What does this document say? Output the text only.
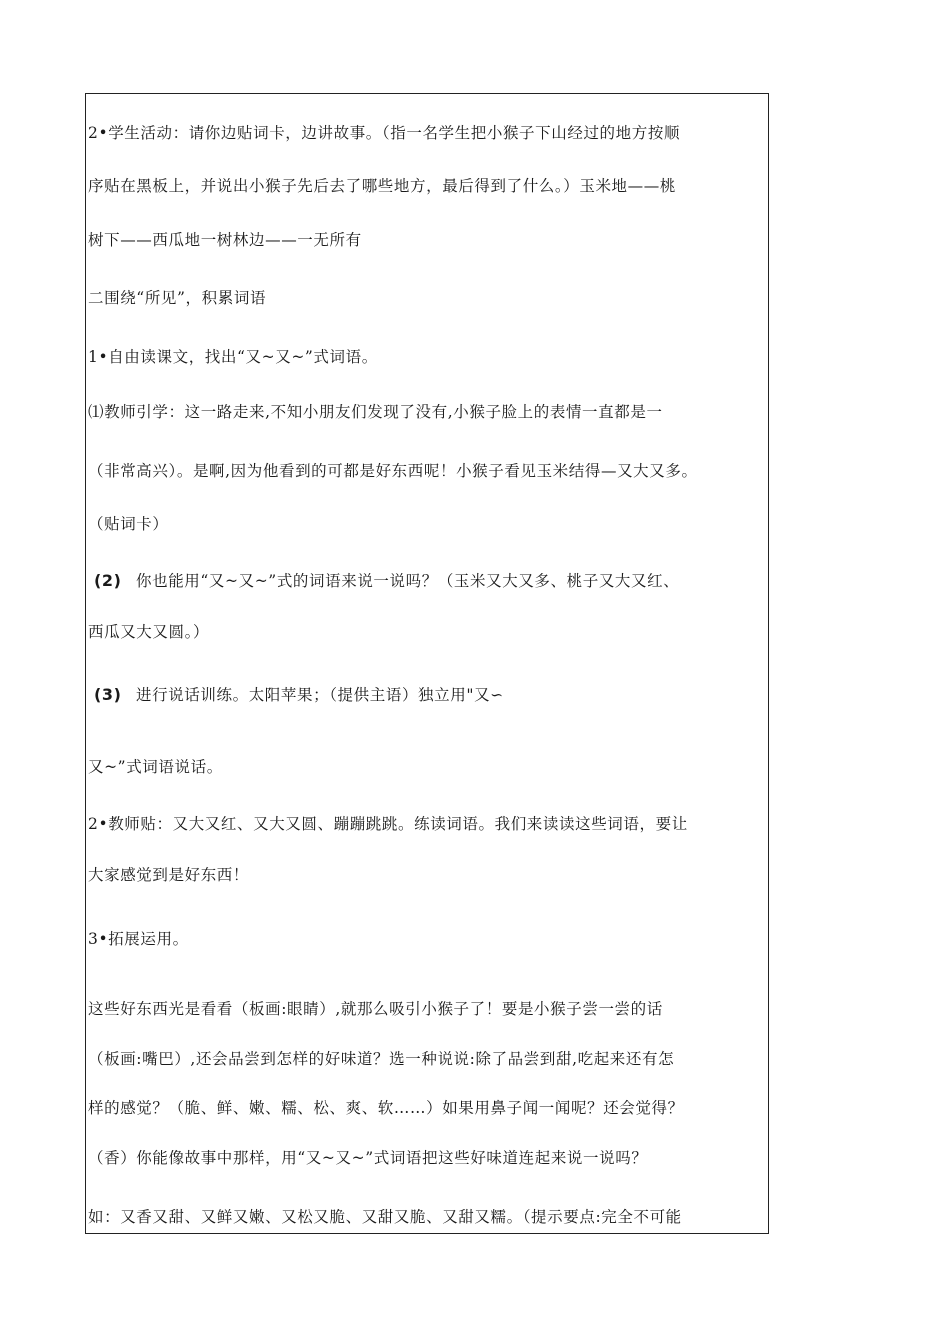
2•学生活动：请你边贴词卡，边讲故事。（指一名学生把小猴子下山经过的地方按顺
序贴在黑板上，并说出小猴子先后去了哪些地方，最后得到了什么。）玉米地——桃
树下——西瓜地一树林边——一无所有
二围绕“所见”，积累词语
1•自由读课文，找出“又~又~”式词语。
⑴教师引学：这一路走来,不知小朋友们发现了没有,小猴子脸上的表情一直都是一
（非常高兴）。是啊,因为他看到的可都是好东西呢！小猴子看见玉米结得—又大又多。
（贴词卡）
(2) 你也能用“又~又~”式的词语来说一说吗？（玉米又大又多、桃子又大又红、
西瓜又大又圆。）
(3) 进行说话训练。太阳苹果；（提供主语）独立用"又∽
又~”式词语说话。
2•教师贴：又大又红、又大又圆、蹦蹦跳跳。练读词语。我们来读读这些词语，要让
大家感觉到是好东西！
3•拓展运用。
这些好东西光是看看（板画:眼睛）,就那么吸引小猴子了！要是小猴子尝一尝的话
（板画:嘴巴）,还会品尝到怎样的好味道？选一种说说:除了品尝到甜,吃起来还有怎
样的感觉？（脆、鲜、嫩、糯、松、爽、软……）如果用鼻子闻一闻呢？还会觉得？
（香）你能像故事中那样，用“又~又~”式词语把这些好味道连起来说一说吗？
如：又香又甜、又鲜又嫩、又松又脆、又甜又脆、又甜又糯。（提示要点:完全不可能
